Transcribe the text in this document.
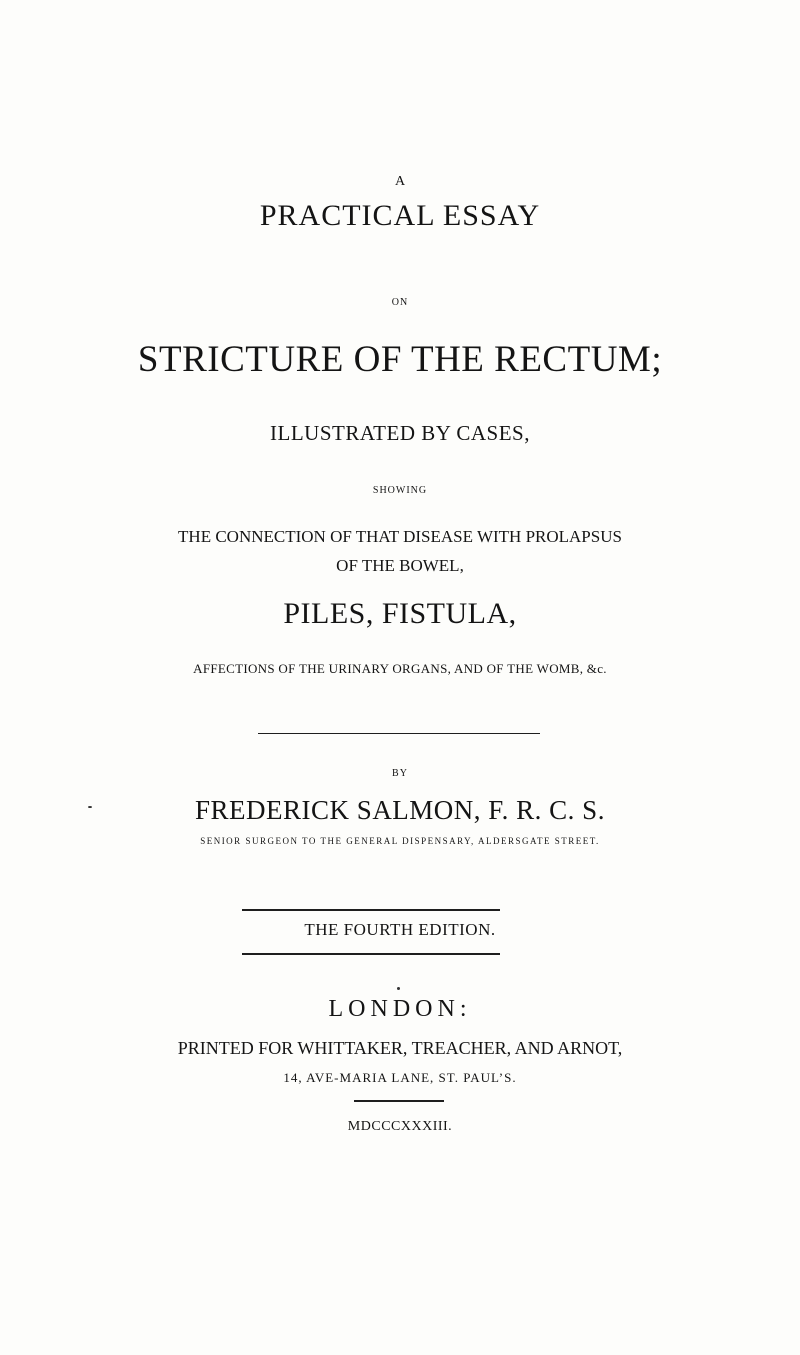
A
PRACTICAL ESSAY
ON
STRICTURE OF THE RECTUM;
ILLUSTRATED BY CASES,
SHOWING
THE CONNECTION OF THAT DISEASE WITH PROLAPSUS
OF THE BOWEL,
PILES, FISTULA,
AFFECTIONS OF THE URINARY ORGANS, AND OF THE WOMB, &c.
BY
FREDERICK SALMON, F. R. C. S.
SENIOR SURGEON TO THE GENERAL DISPENSARY, ALDERSGATE STREET.
THE FOURTH EDITION.
LONDON:
PRINTED FOR WHITTAKER, TREACHER, AND ARNOT,
14, AVE-MARIA LANE, ST. PAUL’S.
MDCCCXXXIII.
